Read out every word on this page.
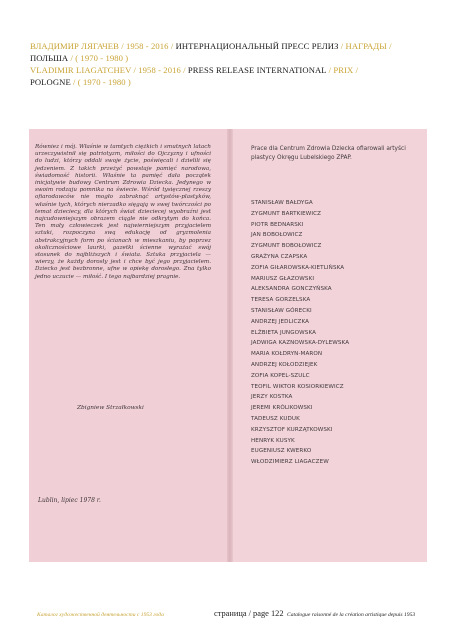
ВЛАДИМИР ЛЯГАЧЕВ / 1958 - 2016 / ИНТЕРНАЦИОНАЛЬНЫЙ ПРЕСС РЕЛИЗ / НАГРАДЫ /
ПОЛЬША / ( 1970 - 1980 )
VLADIMIR LIAGATCHEV / 1958 - 2016 / PRESS RELEASE INTERNATIONAL / PRIX /
POLOGNE / ( 1970 - 1980 )

Równiez i mój. Właśnie w tamtych ciężkich i smutnych latach urzeczywistnił się patriotyzm, miłości do Ojczyzny i ufności do ludzi, którzy oddali swoje życie, poświęcali i dzielili się jedzeniem. Z takich przeżyć powstaje pamięć narodowa, świadomość historii. Właśnie ta pamięć dała początek inicjatywie budowy Centrum Zdrowia Dziecka. Jedynego w swoim rodzaju pomnika na świecie. Wśród tysięcznej rzeszy ofiarodawców nie mogło zabraknąć artystów-plastyków, właśnie tych, których nierzadko sięgają w swej twórczości po temat dzieciecy, dla których świat dzieciecej wyobraźni jest najcudowniejszym obrazem ciągle nie odkrytym do końca. Ten mały człowieczek jest najwierniejszym przyjacielem sztuki, rozpoczyna swą edukację od gryzmolenia abstrakcyjnych form po ścianach w mieszkaniu, by poprzez okolicznościowe laurki, gazetki ścienne wyrażać swój stosunek do najbliższych i świata. Sztuka przyjaciela — wierzy, że każdy dorosły jest i chce być jego przyjacielem. Dziecko jest bezbronne, ufne w opiekę dorosłego. Zna tylko jedno uczucie — miłość. I tego najbardziej pragnie.

Zbigniew Strzałkowski
Lublin, lipiec 1978 r.
Prace dla Centrum Zdrowia Dziecka ofiarowali artyści plastycy Okręgu Lubelskiego ZPAP.
STANISŁAW BAŁDYGA
ZYGMUNT BARTKIEWICZ
PIOTR BEDNARSKI
JAN BOBOŁOWICZ
ZYGMUNT BOBOŁOWICZ
GRAŻYNA CZAPSKA
ZOFIA GIŁAROWSKA-KIETLIŃSKA
MARIUSZ GŁAZOWSKI
ALEKSANDRA GONCZYŃSKA
TERESA GORZELSKA
STANISŁAW GÓRECKI
ANDRZEJ JEDLICZKA
ELŻBIETA JUNGOWSKA
JADWIGA KAZNOWSKA-DYLEWSKA
MARIA KOŁDRYN-MARON
ANDRZEJ KOŁODZIEJEK
ZOFIA KOPEL-SZULC
TEOFIL WIKTOR KOSIORKIEWICZ
JERZY KOSTKA
JEREMI KRÓLIKOWSKI
TADEUSZ KUDUK
KRZYSZTOF KURZĄTKOWSKI
HENRYK KUSYK
EUGENIUSZ KWERKO
WŁODZIMIERZ LIAGACZEW
Каталог художественной деятельности с 1953 года	страница / page 122 Catalogue raisonné de la création artistique depuis 1953
